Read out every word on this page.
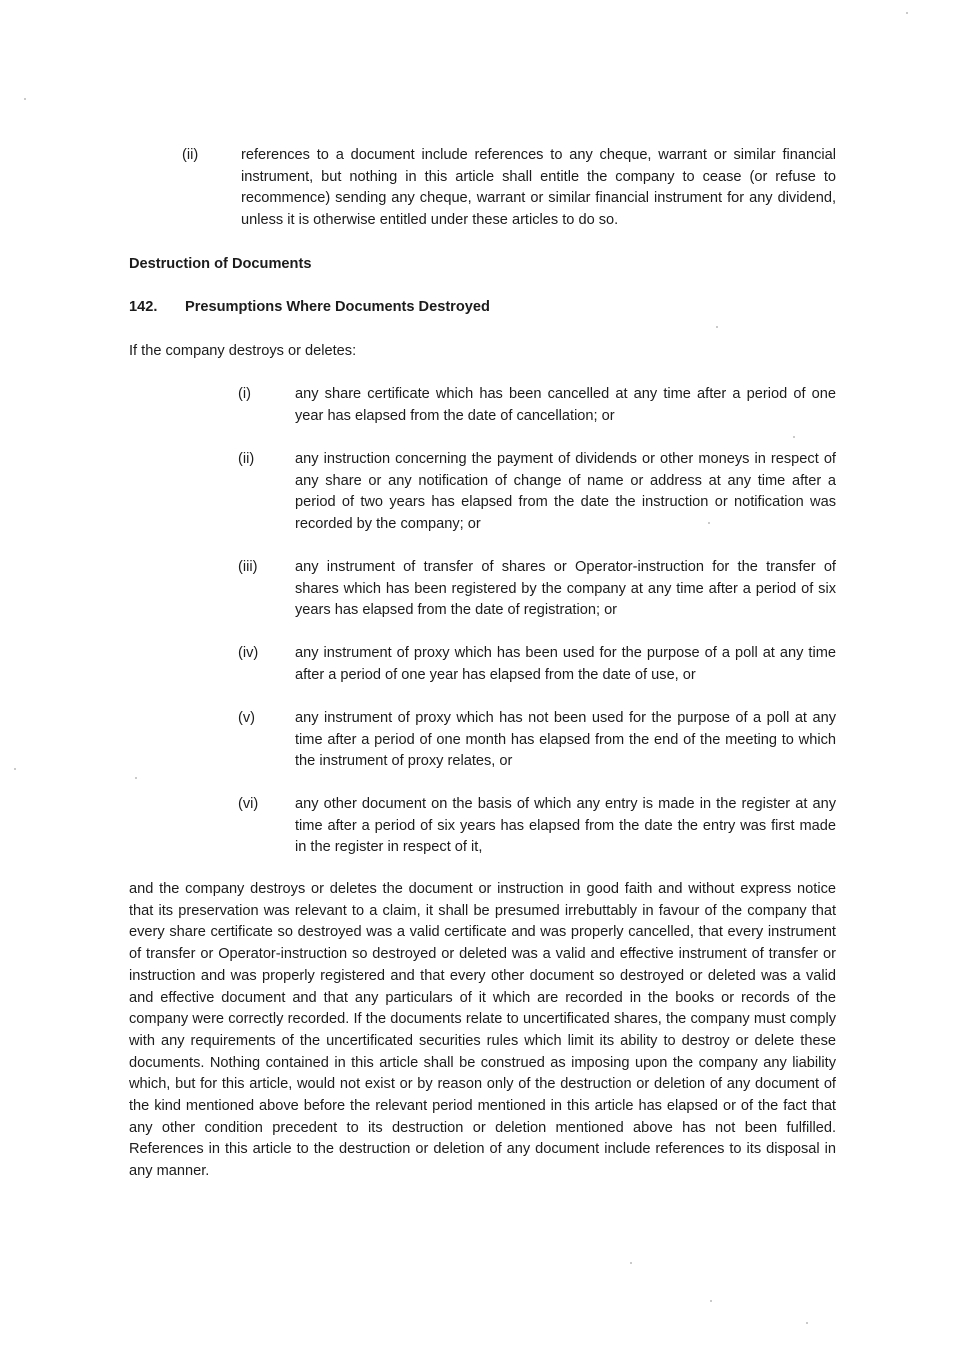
(ii)	references to a document include references to any cheque, warrant or similar financial instrument, but nothing in this article shall entitle the company to cease (or refuse to recommence) sending any cheque, warrant or similar financial instrument for any dividend, unless it is otherwise entitled under these articles to do so.
Destruction of Documents
142. Presumptions Where Documents Destroyed
If the company destroys or deletes:
(i)	any share certificate which has been cancelled at any time after a period of one year has elapsed from the date of cancellation; or
(ii)	any instruction concerning the payment of dividends or other moneys in respect of any share or any notification of change of name or address at any time after a period of two years has elapsed from the date the instruction or notification was recorded by the company; or
(iii)	any instrument of transfer of shares or Operator-instruction for the transfer of shares which has been registered by the company at any time after a period of six years has elapsed from the date of registration; or
(iv)	any instrument of proxy which has been used for the purpose of a poll at any time after a period of one year has elapsed from the date of use, or
(v)	any instrument of proxy which has not been used for the purpose of a poll at any time after a period of one month has elapsed from the end of the meeting to which the instrument of proxy relates, or
(vi)	any other document on the basis of which any entry is made in the register at any time after a period of six years has elapsed from the date the entry was first made in the register in respect of it,
and the company destroys or deletes the document or instruction in good faith and without express notice that its preservation was relevant to a claim, it shall be presumed irrebuttably in favour of the company that every share certificate so destroyed was a valid certificate and was properly cancelled, that every instrument of transfer or Operator-instruction so destroyed or deleted was a valid and effective instrument of transfer or instruction and was properly registered and that every other document so destroyed or deleted was a valid and effective document and that any particulars of it which are recorded in the books or records of the company were correctly recorded. If the documents relate to uncertificated shares, the company must comply with any requirements of the uncertificated securities rules which limit its ability to destroy or delete these documents. Nothing contained in this article shall be construed as imposing upon the company any liability which, but for this article, would not exist or by reason only of the destruction or deletion of any document of the kind mentioned above before the relevant period mentioned in this article has elapsed or of the fact that any other condition precedent to its destruction or deletion mentioned above has not been fulfilled. References in this article to the destruction or deletion of any document include references to its disposal in any manner.
